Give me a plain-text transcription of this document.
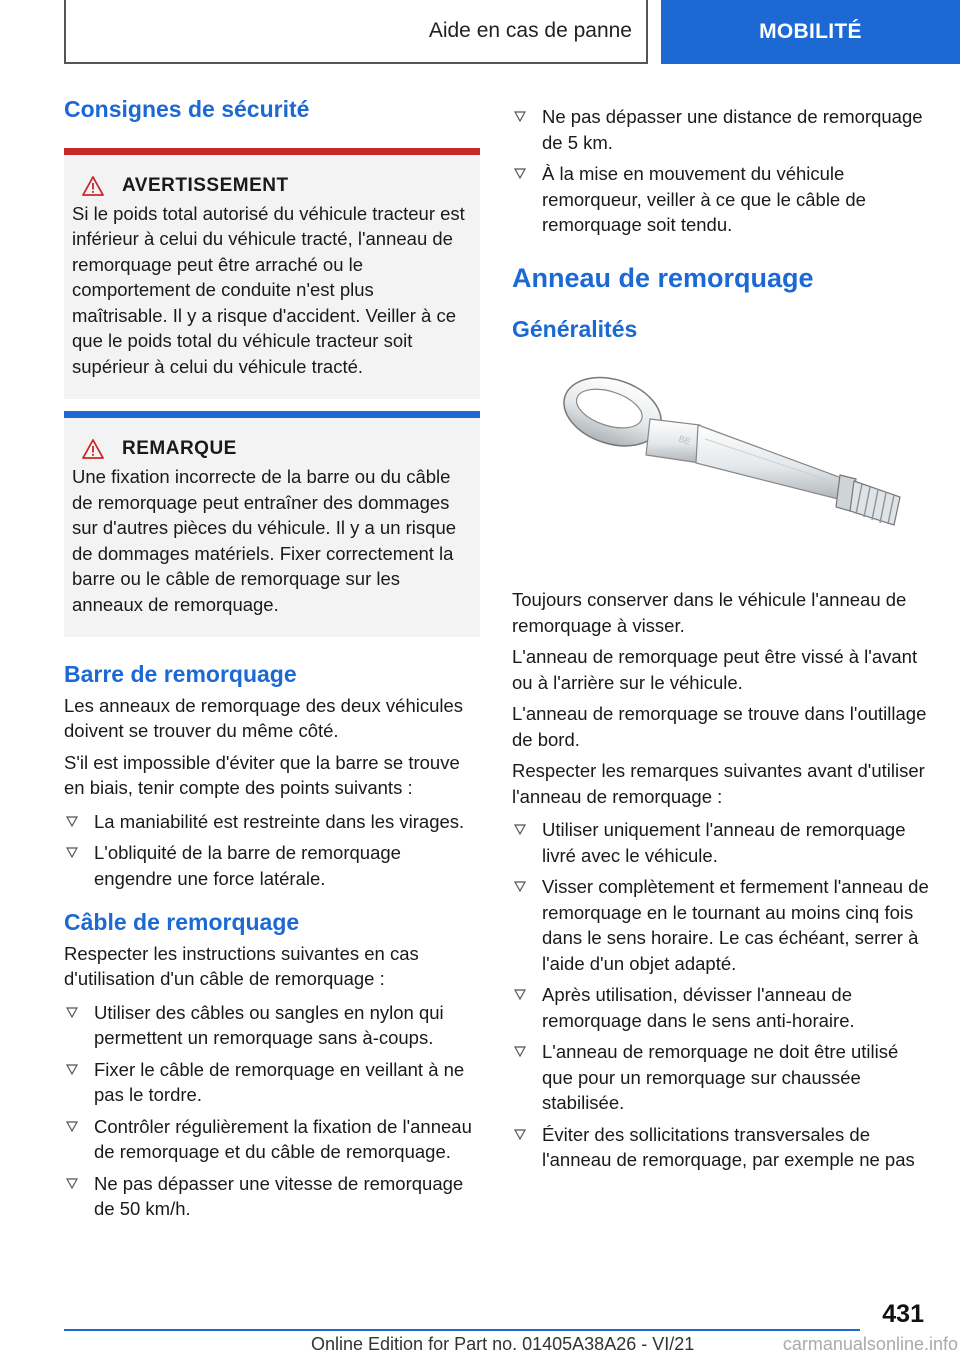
Aide en cas de panne	MOBILITÉ
Consignes de sécurité
AVERTISSEMENT

Si le poids total autorisé du véhicule tracteur est inférieur à celui du véhicule tracté, l'anneau de remorquage peut être arraché ou le comportement de conduite n'est plus maîtrisable. Il y a risque d'accident. Veiller à ce que le poids total du véhicule tracteur soit supérieur à celui du véhicule tracté.

REMARQUE

Une fixation incorrecte de la barre ou du câble de remorquage peut entraîner des dommages sur d'autres pièces du véhicule. Il y a un risque de dommages matériels. Fixer correctement la barre ou le câble de remorquage sur les anneaux de remorquage.

Barre de remorquage

Les anneaux de remorquage des deux véhicules doivent se trouver du même côté.

S'il est impossible d'éviter que la barre se trouve en biais, tenir compte des points suivants :

La maniabilité est restreinte dans les virages.
L'obliquité de la barre de remorquage engendre une force latérale.
Câble de remorquage

Respecter les instructions suivantes en cas d'utilisation d'un câble de remorquage :

Utiliser des câbles ou sangles en nylon qui permettent un remorquage sans à-coups.
Fixer le câble de remorquage en veillant à ne pas le tordre.
Contrôler régulièrement la fixation de l'anneau de remorquage et du câble de remorquage.
Ne pas dépasser une vitesse de remorquage de 50 km/h.
Ne pas dépasser une distance de remorquage de 5 km.
À la mise en mouvement du véhicule remorqueur, veiller à ce que le câble de remorquage soit tendu.
Anneau de remorquage
Généralités
BE

Toujours conserver dans le véhicule l'anneau de remorquage à visser.

L'anneau de remorquage peut être vissé à l'avant ou à l'arrière sur le véhicule.

L'anneau de remorquage se trouve dans l'outillage de bord.

Respecter les remarques suivantes avant d'utiliser l'anneau de remorquage :

Utiliser uniquement l'anneau de remorquage livré avec le véhicule.
Visser complètement et fermement l'anneau de remorquage en le tournant au moins cinq fois dans le sens horaire. Le cas échéant, serrer à l'aide d'un objet adapté.
Après utilisation, dévisser l'anneau de remorquage dans le sens anti-horaire.
L'anneau de remorquage ne doit être utilisé que pour un remorquage sur chaussée stabilisée.
Éviter des sollicitations transversales de l'anneau de remorquage, par exemple ne pas
431
Online Edition for Part no. 01405A38A26 - VI/21	carmanualsonline.info
